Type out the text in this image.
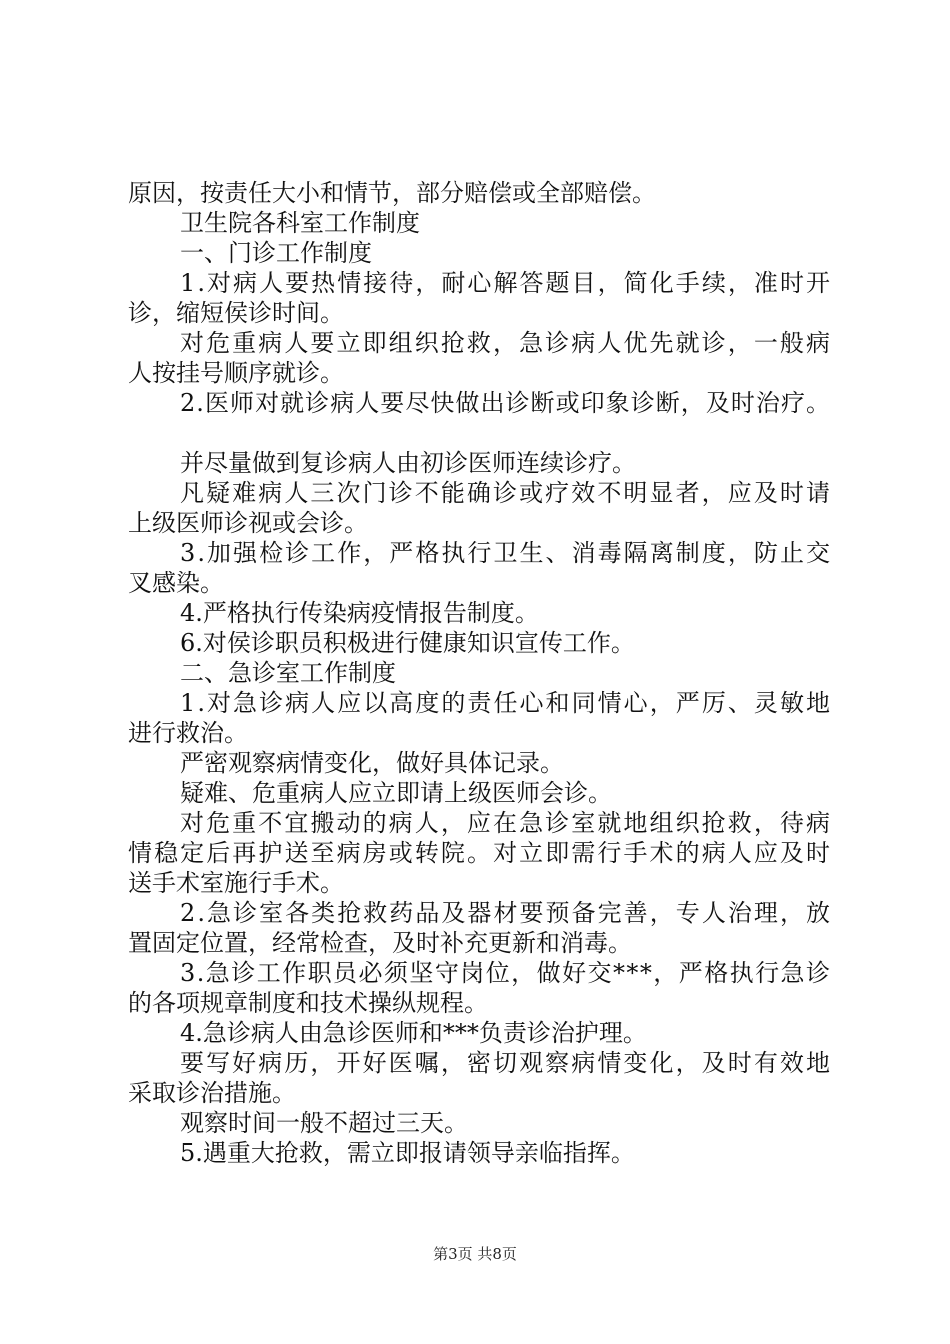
原因，按责任大小和情节，部分赔偿或全部赔偿。
卫生院各科室工作制度
一、门诊工作制度
1.对病人要热情接待，耐心解答题目，简化手续，准时开
诊，缩短侯诊时间。
对危重病人要立即组织抢救，急诊病人优先就诊，一般病
人按挂号顺序就诊。
2.医师对就诊病人要尽快做出诊断或印象诊断，及时治疗。
并尽量做到复诊病人由初诊医师连续诊疗。
凡疑难病人三次门诊不能确诊或疗效不明显者，应及时请
上级医师诊视或会诊。
3.加强检诊工作，严格执行卫生、消毒隔离制度，防止交
叉感染。
4.严格执行传染病疫情报告制度。
6.对侯诊职员积极进行健康知识宣传工作。
二、急诊室工作制度
1.对急诊病人应以高度的责任心和同情心，严厉、灵敏地
进行救治。
严密观察病情变化，做好具体记录。
疑难、危重病人应立即请上级医师会诊。
对危重不宜搬动的病人，应在急诊室就地组织抢救，待病
情稳定后再护送至病房或转院。对立即需行手术的病人应及时
送手术室施行手术。
2.急诊室各类抢救药品及器材要预备完善，专人治理，放
置固定位置，经常检查，及时补充更新和消毒。
3.急诊工作职员必须坚守岗位，做好交***，严格执行急诊
的各项规章制度和技术操纵规程。
4.急诊病人由急诊医师和***负责诊治护理。
要写好病历，开好医嘱，密切观察病情变化，及时有效地
采取诊治措施。
观察时间一般不超过三天。
5.遇重大抢救，需立即报请领导亲临指挥。
第3页 共8页
